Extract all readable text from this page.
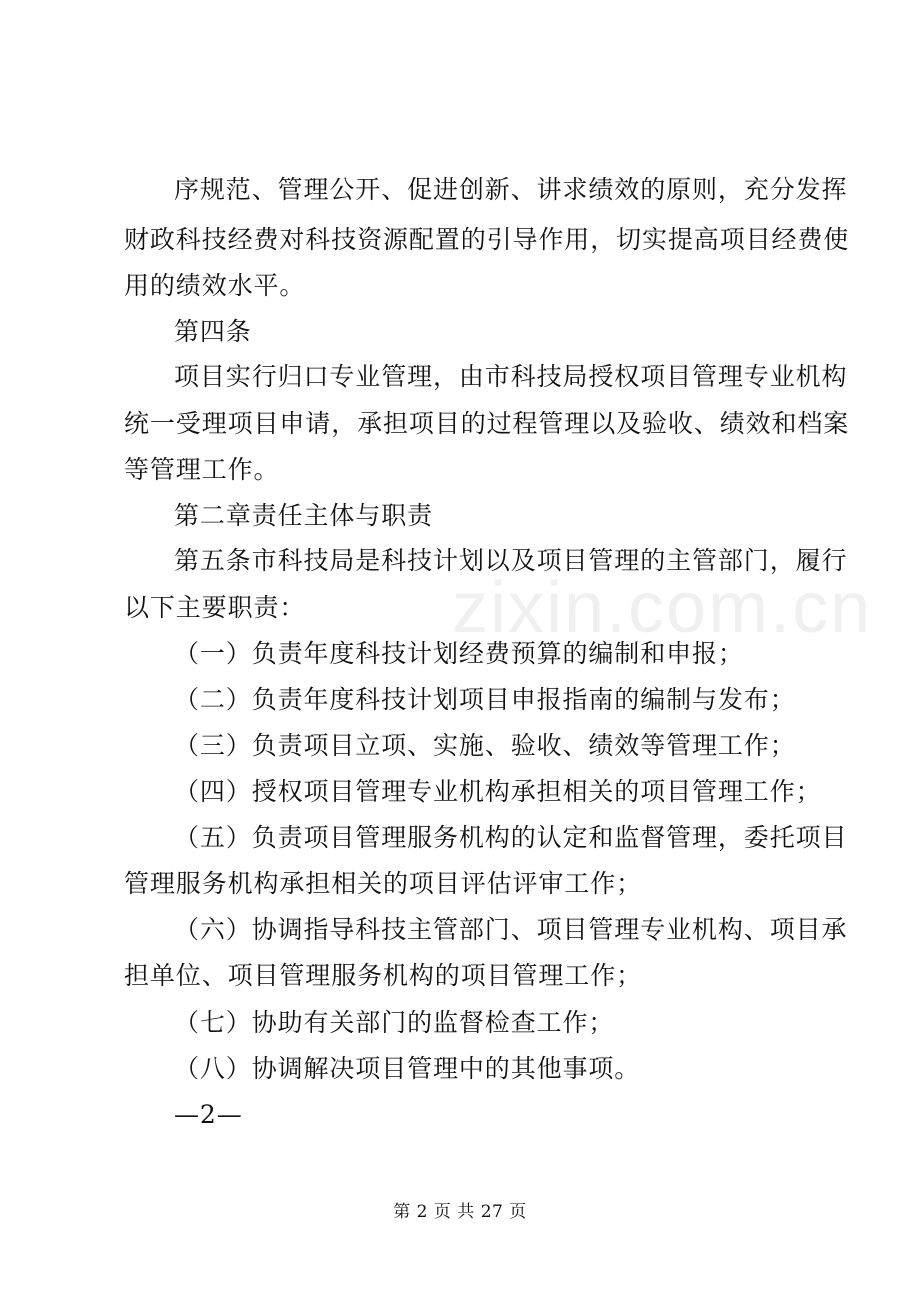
序规范、管理公开、促进创新、讲求绩效的原则，充分发挥
财政科技经费对科技资源配置的引导作用，切实提高项目经费使
用的绩效水平。
第四条
项目实行归口专业管理，由市科技局授权项目管理专业机构
统一受理项目申请，承担项目的过程管理以及验收、绩效和档案
等管理工作。
第二章责任主体与职责
第五条市科技局是科技计划以及项目管理的主管部门，履行
以下主要职责：
（一）负责年度科技计划经费预算的编制和申报；
（二）负责年度科技计划项目申报指南的编制与发布；
（三）负责项目立项、实施、验收、绩效等管理工作；
（四）授权项目管理专业机构承担相关的项目管理工作；
（五）负责项目管理服务机构的认定和监督管理，委托项目
管理服务机构承担相关的项目评估评审工作；
（六）协调指导科技主管部门、项目管理专业机构、项目承
担单位、项目管理服务机构的项目管理工作；
（七）协助有关部门的监督检查工作；
（八）协调解决项目管理中的其他事项。
—2—
zixin.com.cn
第 2 页 共 27 页
